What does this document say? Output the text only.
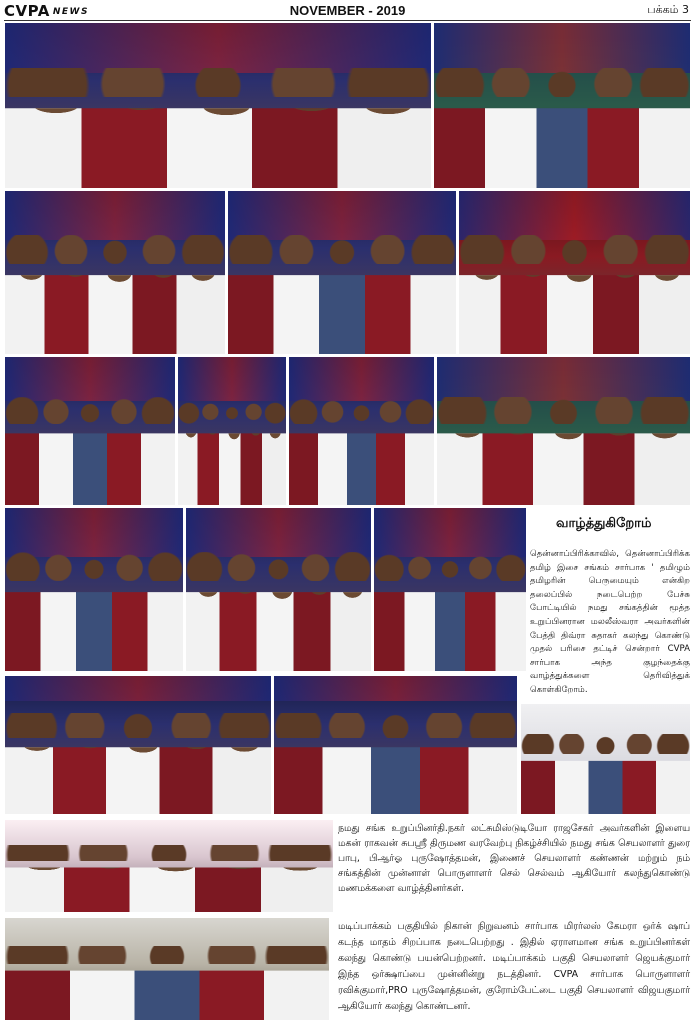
CVPA NEWS	NOVEMBER - 2019	பக்கம் 3
வாழ்த்துகிறோம்
தென்னாப்பிரிக்காவில், தென்னாப்பிரிக்க தமிழ் இசை சங்கம் சார்பாக ' தமிழும் தமிழரின் பெருமையும் என்கிற தலைப்பில் நடைபெற்ற பேச்சு போட்டியில் நமது சங்கத்தின் மூத்த உறுப்பினரான மலலீஸ்வரா அவர்களின் பேத்தி திவ்ரா சுதாகர் கலந்து கொண்டு முதல் பரிசை தட்டிச் சென்றார் CVPA சார்பாக அந்த குழந்தைக்கு வாழ்த்துக்களை தெரிவித்துக் கொள்கிறோம்.
நமது சங்க உறுப்பினர்தி.நகர் லட்சுமிஸ்டுடியோ ராஜசேகர் அவர்களின் இளைய மகன் ராகவன் சுபஸ்ரீ திருமண வரவேற்பு நிகழ்ச்சியில் நமது சங்க செயலாளர் துரை பாபு, பிஆர்ஓ புருஷோத்தமன், இணைச் செயலாளர் கண்ணன் மற்றும் நம் சங்கத்தின் முன்னாள் பொருளாளர் செல் செல்வம் ஆகியோர் கலந்துகொண்டு மணமக்களை வாழ்த்தினர்கள்.
மடிப்பாக்கம் பகுதியில் நிகான் நிறுவனம் சார்பாக மிரர்லஸ் கேமரா ஒர்க் ஷாப் கடந்த மாதம் சிறப்பாக நடைபெற்றது . இதில் ஏராளமான சங்க உறுப்பினர்கள் கலந்து கொண்டு பயன்பெற்றனர். மடிப்பாக்கம் பகுதி செயலாளர் ஜெயக்குமார் இந்த ஒர்க்ஷாப்பை முன்னின்று நடத்தினர். CVPA சார்பாக பொருளாளர் ரவிக்குமார்,PRO புருஷோத்தமன், குரோம்பேட்டை பகுதி செயலாளர் விஜயகுமார் ஆகியோர் கலந்து கொண்டனர்.
